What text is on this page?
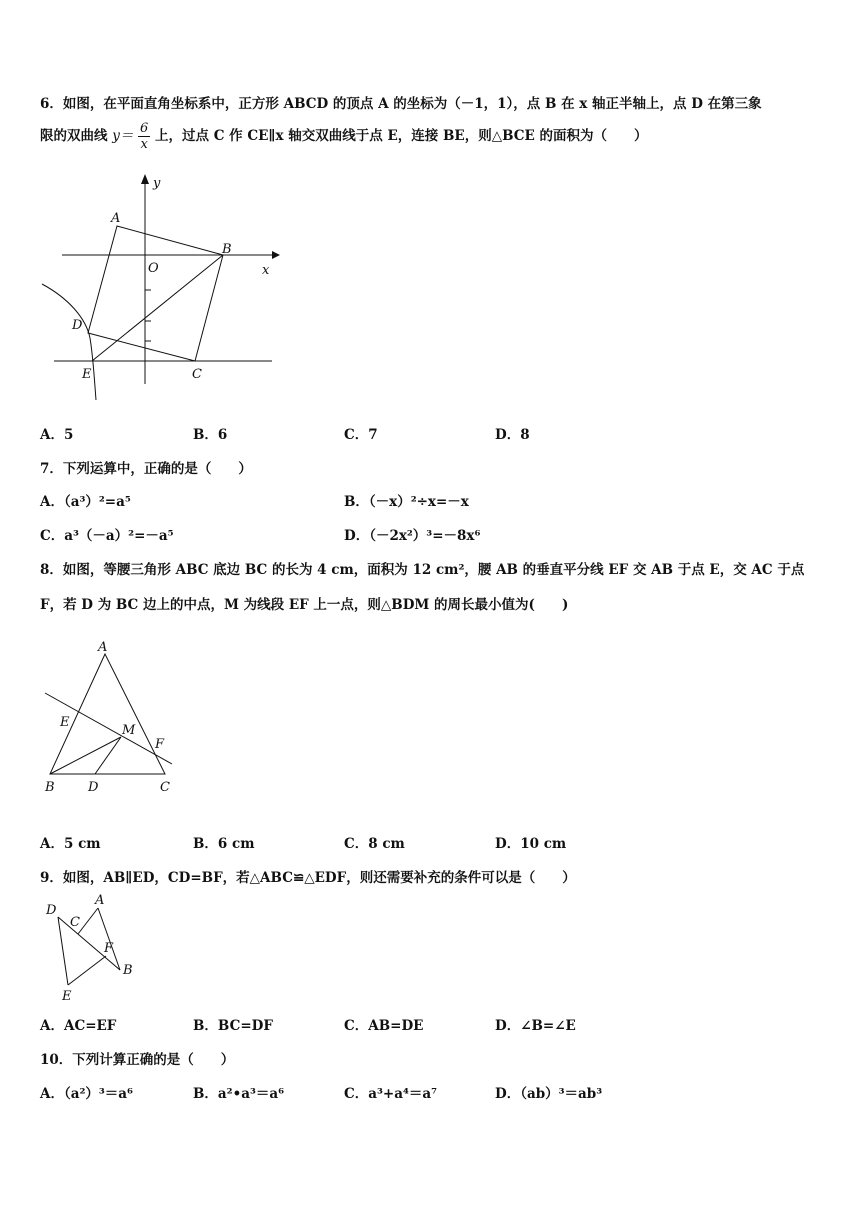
6．如图，在平面直角坐标系中，正方形 ABCD 的顶点 A 的坐标为（－1，1），点 B 在 x 轴正半轴上，点 D 在第三象
限的双曲线 $y= \frac{6}{x}$ 上，过点 C 作 CE∥x 轴交双曲线于点 E，连接 BE，则△BCE 的面积为（　　）
y
x
O
A
B
C
D
E
A．5	B．6	C．7	D．8
7．下列运算中，正确的是（　　）
A．（a³）²=a⁵	B．（－x）²÷x=－x
C．a³（－a）²=－a⁵	D．（－2x²）³=－8x⁶
8．如图，等腰三角形 ABC 底边 BC 的长为 4 cm，面积为 12 cm²，腰 AB 的垂直平分线 EF 交 AB 于点 E，交 AC 于点
F，若 D 为 BC 边上的中点，M 为线段 EF 上一点，则△BDM 的周长最小值为(　　)
A
B	C
D
E
F
M
A．5 cm	B．6 cm	C．8 cm	D．10 cm
9．如图，AB∥ED，CD=BF，若△ABC≌△EDF，则还需要补充的条件可以是（　　）
D
A
C
F
B
E
A．AC=EF	B．BC=DF	C．AB=DE	D．∠B=∠E
10．下列计算正确的是（　　）
A．（a²）³＝a⁶	B．a²•a³＝a⁶	C．a³+a⁴＝a⁷	D．（ab）³＝ab³
